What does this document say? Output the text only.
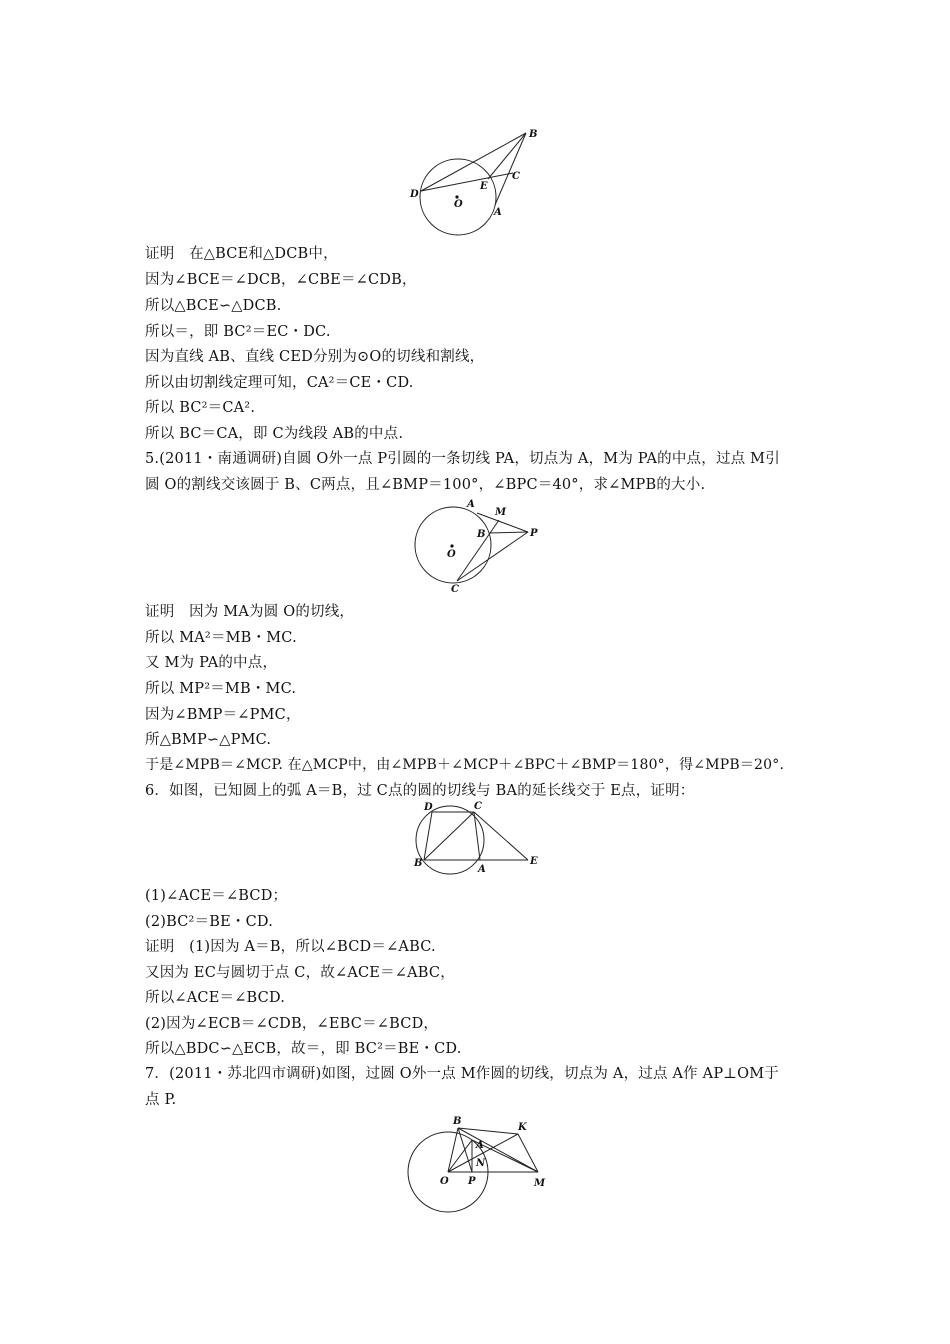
B
D
E
C
O
A
A
M
B	P
O
C
D	C
B
A
E
B
K
A
N
O P	M
证明　在△BCE和△DCB中，
因为∠BCE＝∠DCB，∠CBE＝∠CDB，
所以△BCE∽△DCB.
所以＝，即 BC²＝EC・DC.
因为直线 AB、直线 CED分别为⊙O的切线和割线，
所以由切割线定理可知，CA²＝CE・CD.
所以 BC²＝CA².
所以 BC＝CA，即 C为线段 AB的中点.
5.(2011・南通调研)自圆 O外一点 P引圆的一条切线 PA，切点为 A，M为 PA的中点，过点 M引
圆 O的割线交该圆于 B、C两点，且∠BMP＝100°，∠BPC＝40°，求∠MPB的大小.
证明　因为 MA为圆 O的切线，
所以 MA²＝MB・MC.
又 M为 PA的中点，
所以 MP²＝MB・MC.
因为∠BMP＝∠PMC，
所△BMP∽△PMC.
于是∠MPB＝∠MCP. 在△MCP中，由∠MPB＋∠MCP＋∠BPC＋∠BMP＝180°，得∠MPB＝20°.
6．如图，已知圆上的弧 A＝B，过 C点的圆的切线与 BA的延长线交于 E点，证明：
(1)∠ACE＝∠BCD；
(2)BC²＝BE・CD.
证明　(1)因为 A＝B，所以∠BCD＝∠ABC.
又因为 EC与圆切于点 C，故∠ACE＝∠ABC，
所以∠ACE＝∠BCD.
(2)因为∠ECB＝∠CDB，∠EBC＝∠BCD，
所以△BDC∽△ECB，故＝，即 BC²＝BE・CD.
7．(2011・苏北四市调研)如图，过圆 O外一点 M作圆的切线，切点为 A，过点 A作 AP⊥OM于
点 P.
